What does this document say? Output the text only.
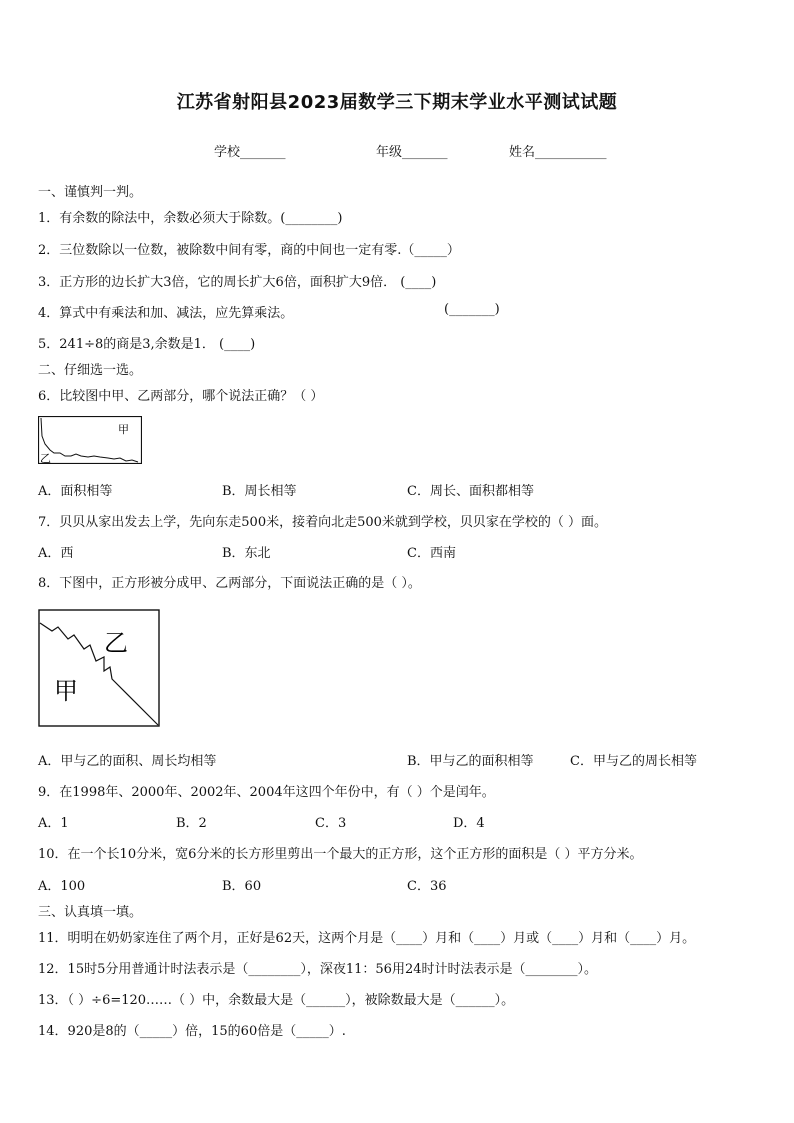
江苏省射阳县2023届数学三下期末学业水平测试试题
学校_______	年级_______	姓名___________
一、谨慎判一判。
1．有余数的除法中，余数必须大于除数。(________)
2．三位数除以一位数，被除数中间有零，商的中间也一定有零.（_____）
3．正方形的边长扩大3倍，它的周长扩大6倍，面积扩大9倍． (____)
4．算式中有乘法和加、减法，应先算乘法。	(_______)
5．241÷8的商是3,余数是1． (____)
二、仔细选一选。
6．比较图中甲、乙两部分，哪个说法正确？（ ）
甲
乙
A．面积相等	B．周长相等	C．周长、面积都相等
7．贝贝从家出发去上学，先向东走500米，接着向北走500米就到学校，贝贝家在学校的（ ）面。
A．西	B．东北	C．西南
8．下图中，正方形被分成甲、乙两部分，下面说法正确的是（ ）。
乙
甲
A．甲与乙的面积、周长均相等	B．甲与乙的面积相等	C．甲与乙的周长相等
9．在1998年、2000年、2002年、2004年这四个年份中，有（ ）个是闰年。
A．1	B．2	C．3	D．4
10．在一个长10分米，宽6分米的长方形里剪出一个最大的正方形，这个正方形的面积是（ ）平方分米。
A．100	B．60	C．36
三、认真填一填。
11．明明在奶奶家连住了两个月，正好是62天，这两个月是（____）月和（____）月或（____）月和（____）月。
12．15时5分用普通计时法表示是（________），深夜11：56用24时计时法表示是（________）。
13．（ ）÷6=120……（ ）中，余数最大是（______），被除数最大是（______）。
14．920是8的（_____）倍，15的60倍是（_____）.
